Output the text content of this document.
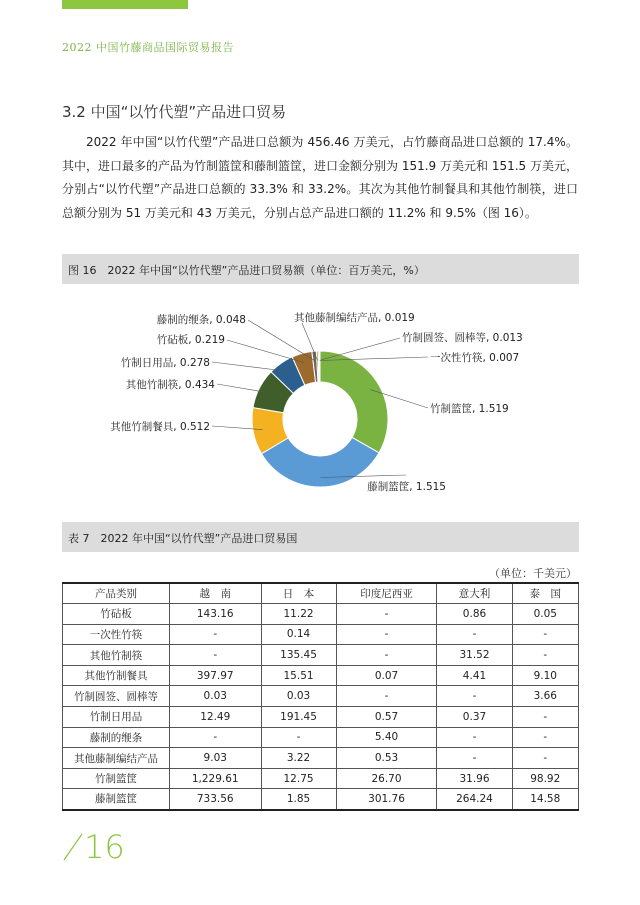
2022 中国竹藤商品国际贸易报告
3.2 中国“以竹代塑”产品进口贸易

2022 年中国“以竹代塑”产品进口总额为 456.46 万美元，占竹藤商品进口总额的 17.4%。其中，进口最多的产品为竹制篮筐和藤制篮筐，进口金额分别为 151.9 万美元和 151.5 万美元，分别占“以竹代塑”产品进口总额的 33.3% 和 33.2%。其次为其他竹制餐具和其他竹制筷，进口总额分别为 51 万美元和 43 万美元，分别占总产品进口额的 11.2% 和 9.5%（图 16）。

图 16　2022 年中国“以竹代塑”产品进口贸易额（单位：百万美元，%）
竹制篮筐, 1.519
藤制篮筐, 1.515
其他竹制餐具, 0.512
其他竹制筷, 0.434
竹制日用品, 0.278
竹砧板, 0.219
藤制的缏条, 0.048	其他藤制编结产品, 0.019
竹制圆签、圆棒等, 0.013
一次性竹筷, 0.007
表 7　2022 年中国“以竹代塑”产品进口贸易国
（单位：千美元）
产品类别	越　南	日　本	印度尼西亚	意大利	泰　国
竹砧板	143.16	11.22	-	0.86	0.05
一次性竹筷	-	0.14	-	-	-
其他竹制筷	-	135.45	-	31.52	-
其他竹制餐具	397.97	15.51	0.07	4.41	9.10
竹制圆签、圆棒等	0.03	0.03	-	-	3.66
竹制日用品	12.49	191.45	0.57	0.37	-
藤制的缏条	-	-	5.40	-	-
其他藤制编结产品	9.03	3.22	0.53	-	-
竹制篮筐	1,229.61	12.75	26.70	31.96	98.92
藤制篮筐	733.56	1.85	301.76	264.24	14.58
16
